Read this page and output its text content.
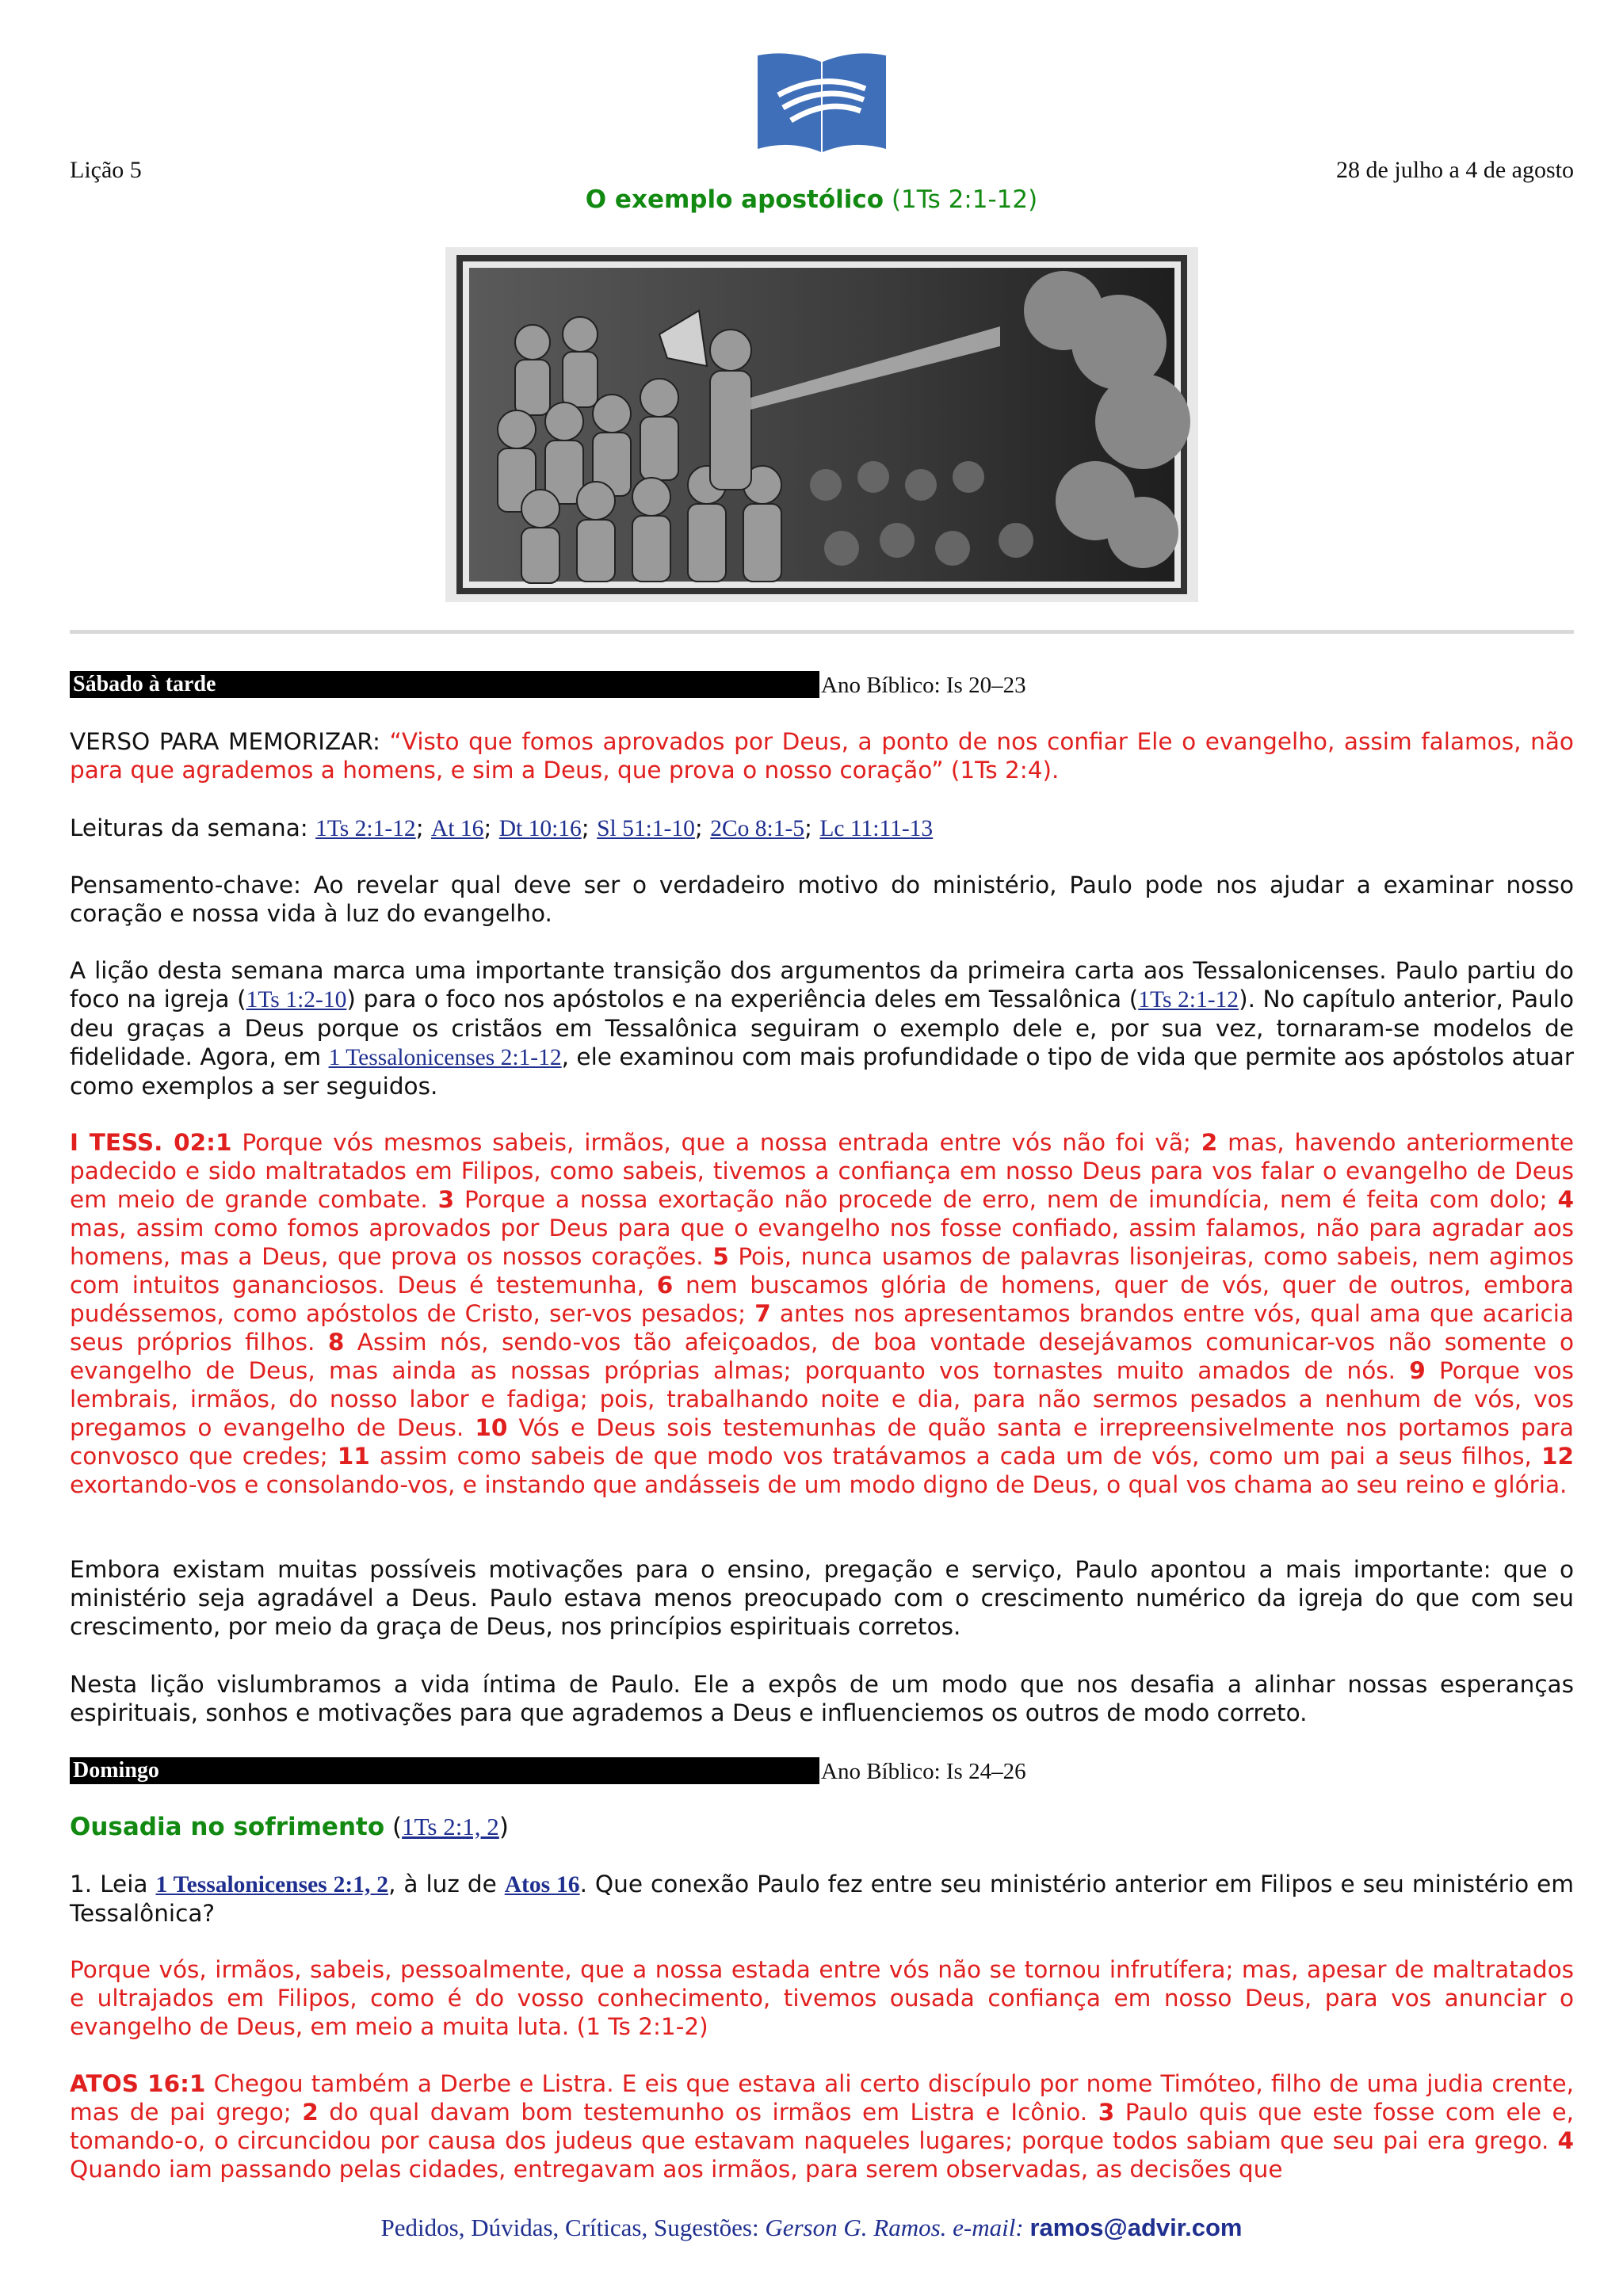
Lição 5	28 de julho a 4 de agosto
O exemplo apostólico (1Ts 2:1-12)
Sábado à tarde	Ano Bíblico: Is 20–23
VERSO PARA MEMORIZAR: “Visto que fomos aprovados por Deus, a ponto de nos confiar Ele o evangelho, assim falamos, não para que agrademos a homens, e sim a Deus, que prova o nosso coração” (1Ts 2:4).
Leituras da semana: 1Ts 2:1-12; At 16; Dt 10:16; Sl 51:1-10; 2Co 8:1-5; Lc 11:11-13
Pensamento-chave: Ao revelar qual deve ser o verdadeiro motivo do ministério, Paulo pode nos ajudar a examinar nosso coração e nossa vida à luz do evangelho.
A lição desta semana marca uma importante transição dos argumentos da primeira carta aos Tessalonicenses. Paulo partiu do foco na igreja (1Ts 1:2-10) para o foco nos apóstolos e na experiência deles em Tessalônica (1Ts 2:1-12). No capítulo anterior, Paulo deu graças a Deus porque os cristãos em Tessalônica seguiram o exemplo dele e, por sua vez, tornaram-se modelos de fidelidade. Agora, em 1 Tessalonicenses 2:1-12, ele examinou com mais profundidade o tipo de vida que permite aos apóstolos atuar como exemplos a ser seguidos.
I TESS. 02:1 Porque vós mesmos sabeis, irmãos, que a nossa entrada entre vós não foi vã; 2 mas, havendo anteriormente padecido e sido maltratados em Filipos, como sabeis, tivemos a confiança em nosso Deus para vos falar o evangelho de Deus em meio de grande combate. 3 Porque a nossa exortação não procede de erro, nem de imundícia, nem é feita com dolo; 4 mas, assim como fomos aprovados por Deus para que o evangelho nos fosse confiado, assim falamos, não para agradar aos homens, mas a Deus, que prova os nossos corações. 5 Pois, nunca usamos de palavras lisonjeiras, como sabeis, nem agimos com intuitos gananciosos. Deus é testemunha, 6 nem buscamos glória de homens, quer de vós, quer de outros, embora pudéssemos, como apóstolos de Cristo, ser-vos pesados; 7 antes nos apresentamos brandos entre vós, qual ama que acaricia seus próprios filhos. 8 Assim nós, sendo-vos tão afeiçoados, de boa vontade desejávamos comunicar-vos não somente o evangelho de Deus, mas ainda as nossas próprias almas; porquanto vos tornastes muito amados de nós. 9 Porque vos lembrais, irmãos, do nosso labor e fadiga; pois, trabalhando noite e dia, para não sermos pesados a nenhum de vós, vos pregamos o evangelho de Deus. 10 Vós e Deus sois testemunhas de quão santa e irrepreensivelmente nos portamos para convosco que credes; 11 assim como sabeis de que modo vos tratávamos a cada um de vós, como um pai a seus filhos, 12 exortando-vos e consolando-vos, e instando que andásseis de um modo digno de Deus, o qual vos chama ao seu reino e glória.
Embora existam muitas possíveis motivações para o ensino, pregação e serviço, Paulo apontou a mais importante: que o ministério seja agradável a Deus. Paulo estava menos preocupado com o crescimento numérico da igreja do que com seu crescimento, por meio da graça de Deus, nos princípios espirituais corretos.
Nesta lição vislumbramos a vida íntima de Paulo. Ele a expôs de um modo que nos desafia a alinhar nossas esperanças espirituais, sonhos e motivações para que agrademos a Deus e influenciemos os outros de modo correto.
Domingo	Ano Bíblico: Is 24–26
Ousadia no sofrimento (1Ts 2:1, 2)
1. Leia 1 Tessalonicenses 2:1, 2, à luz de Atos 16. Que conexão Paulo fez entre seu ministério anterior em Filipos e seu ministério em Tessalônica?
Porque vós, irmãos, sabeis, pessoalmente, que a nossa estada entre vós não se tornou infrutífera; mas, apesar de maltratados e ultrajados em Filipos, como é do vosso conhecimento, tivemos ousada confiança em nosso Deus, para vos anunciar o evangelho de Deus, em meio a muita luta. (1 Ts 2:1-2)
ATOS 16:1 Chegou também a Derbe e Listra. E eis que estava ali certo discípulo por nome Timóteo, filho de uma judia crente, mas de pai grego; 2 do qual davam bom testemunho os irmãos em Listra e Icônio. 3 Paulo quis que este fosse com ele e, tomando-o, o circuncidou por causa dos judeus que estavam naqueles lugares; porque todos sabiam que seu pai era grego. 4 Quando iam passando pelas cidades, entregavam aos irmãos, para serem observadas, as decisões que
Pedidos, Dúvidas, Críticas, Sugestões: Gerson G. Ramos. e-mail: ramos@advir.com
